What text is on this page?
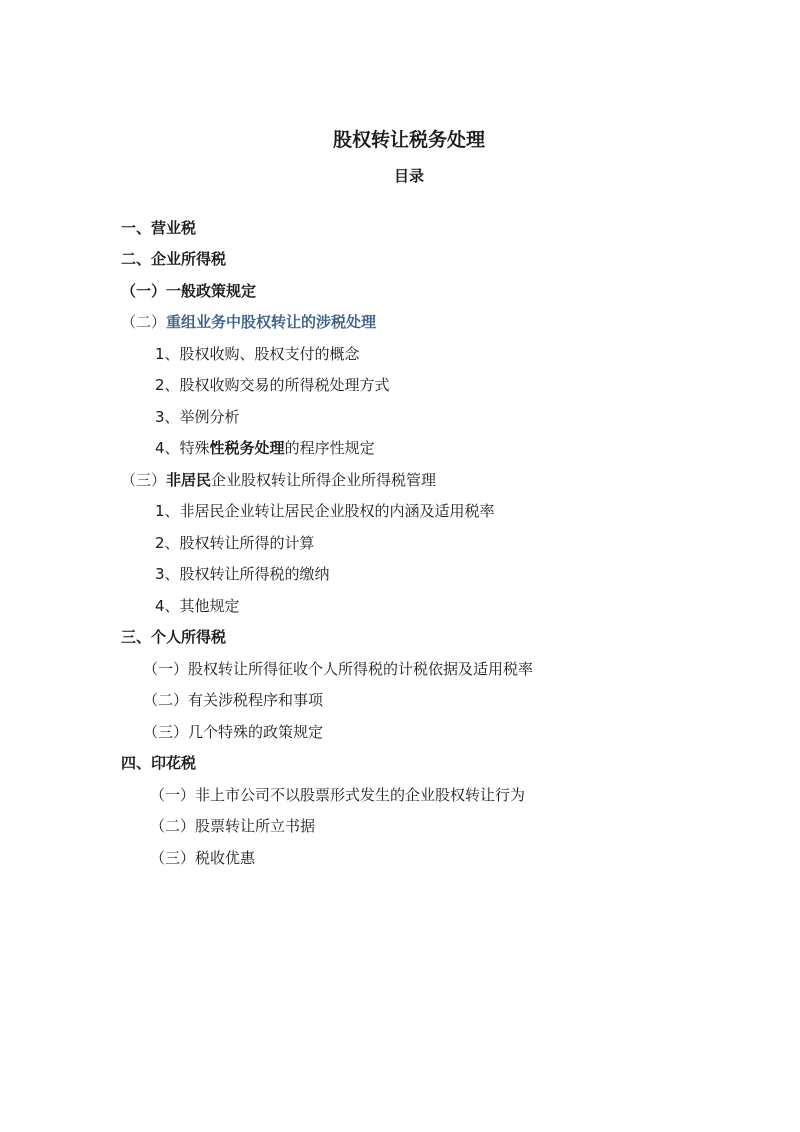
股权转让税务处理
目录
一、营业税
二、企业所得税
（一）一般政策规定
（二）重组业务中股权转让的涉税处理
1、股权收购、股权支付的概念
2、股权收购交易的所得税处理方式
3、举例分析
4、特殊性税务处理的程序性规定
（三）非居民企业股权转让所得企业所得税管理
1、非居民企业转让居民企业股权的内涵及适用税率
2、股权转让所得的计算
3、股权转让所得税的缴纳
4、其他规定
三、个人所得税
（一）股权转让所得征收个人所得税的计税依据及适用税率
（二）有关涉税程序和事项
（三）几个特殊的政策规定
四、印花税
（一）非上市公司不以股票形式发生的企业股权转让行为
（二）股票转让所立书据
（三）税收优惠
